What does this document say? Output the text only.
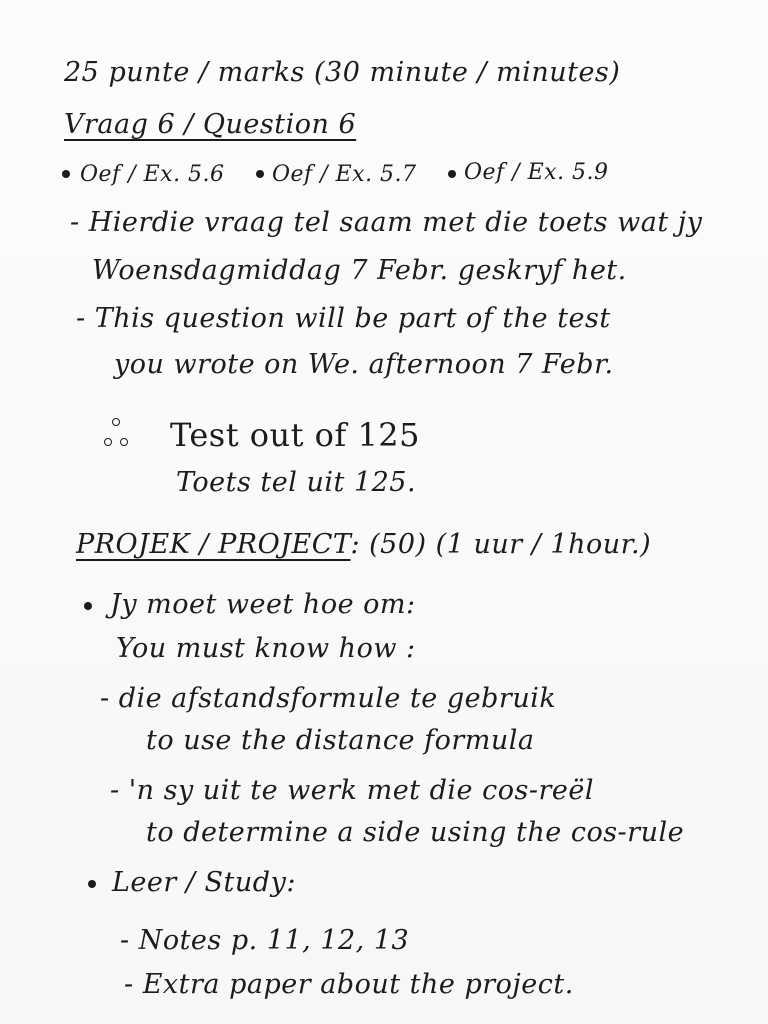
25 punte / marks (30 minute / minutes)
Vraag 6 / Question 6
Oef / Ex. 5.6 Oef / Ex. 5.7 Oef / Ex. 5.9
- Hierdie vraag tel saam met die toets wat jy
Woensdagmiddag 7 Febr. geskryf het.
- This question will be part of the test
you wrote on We. afternoon 7 Febr.
Test out of 125
Toets tel uit 125.
PROJEK / PROJECT: (50) (1 uur / 1hour.)
Jy moet weet hoe om:
You must know how :
- die afstandsformule te gebruik
to use the distance formula
- 'n sy uit te werk met die cos-reël
to determine a side using the cos-rule
Leer / Study:
- Notes p. 11, 12, 13
- Extra paper about the project.
